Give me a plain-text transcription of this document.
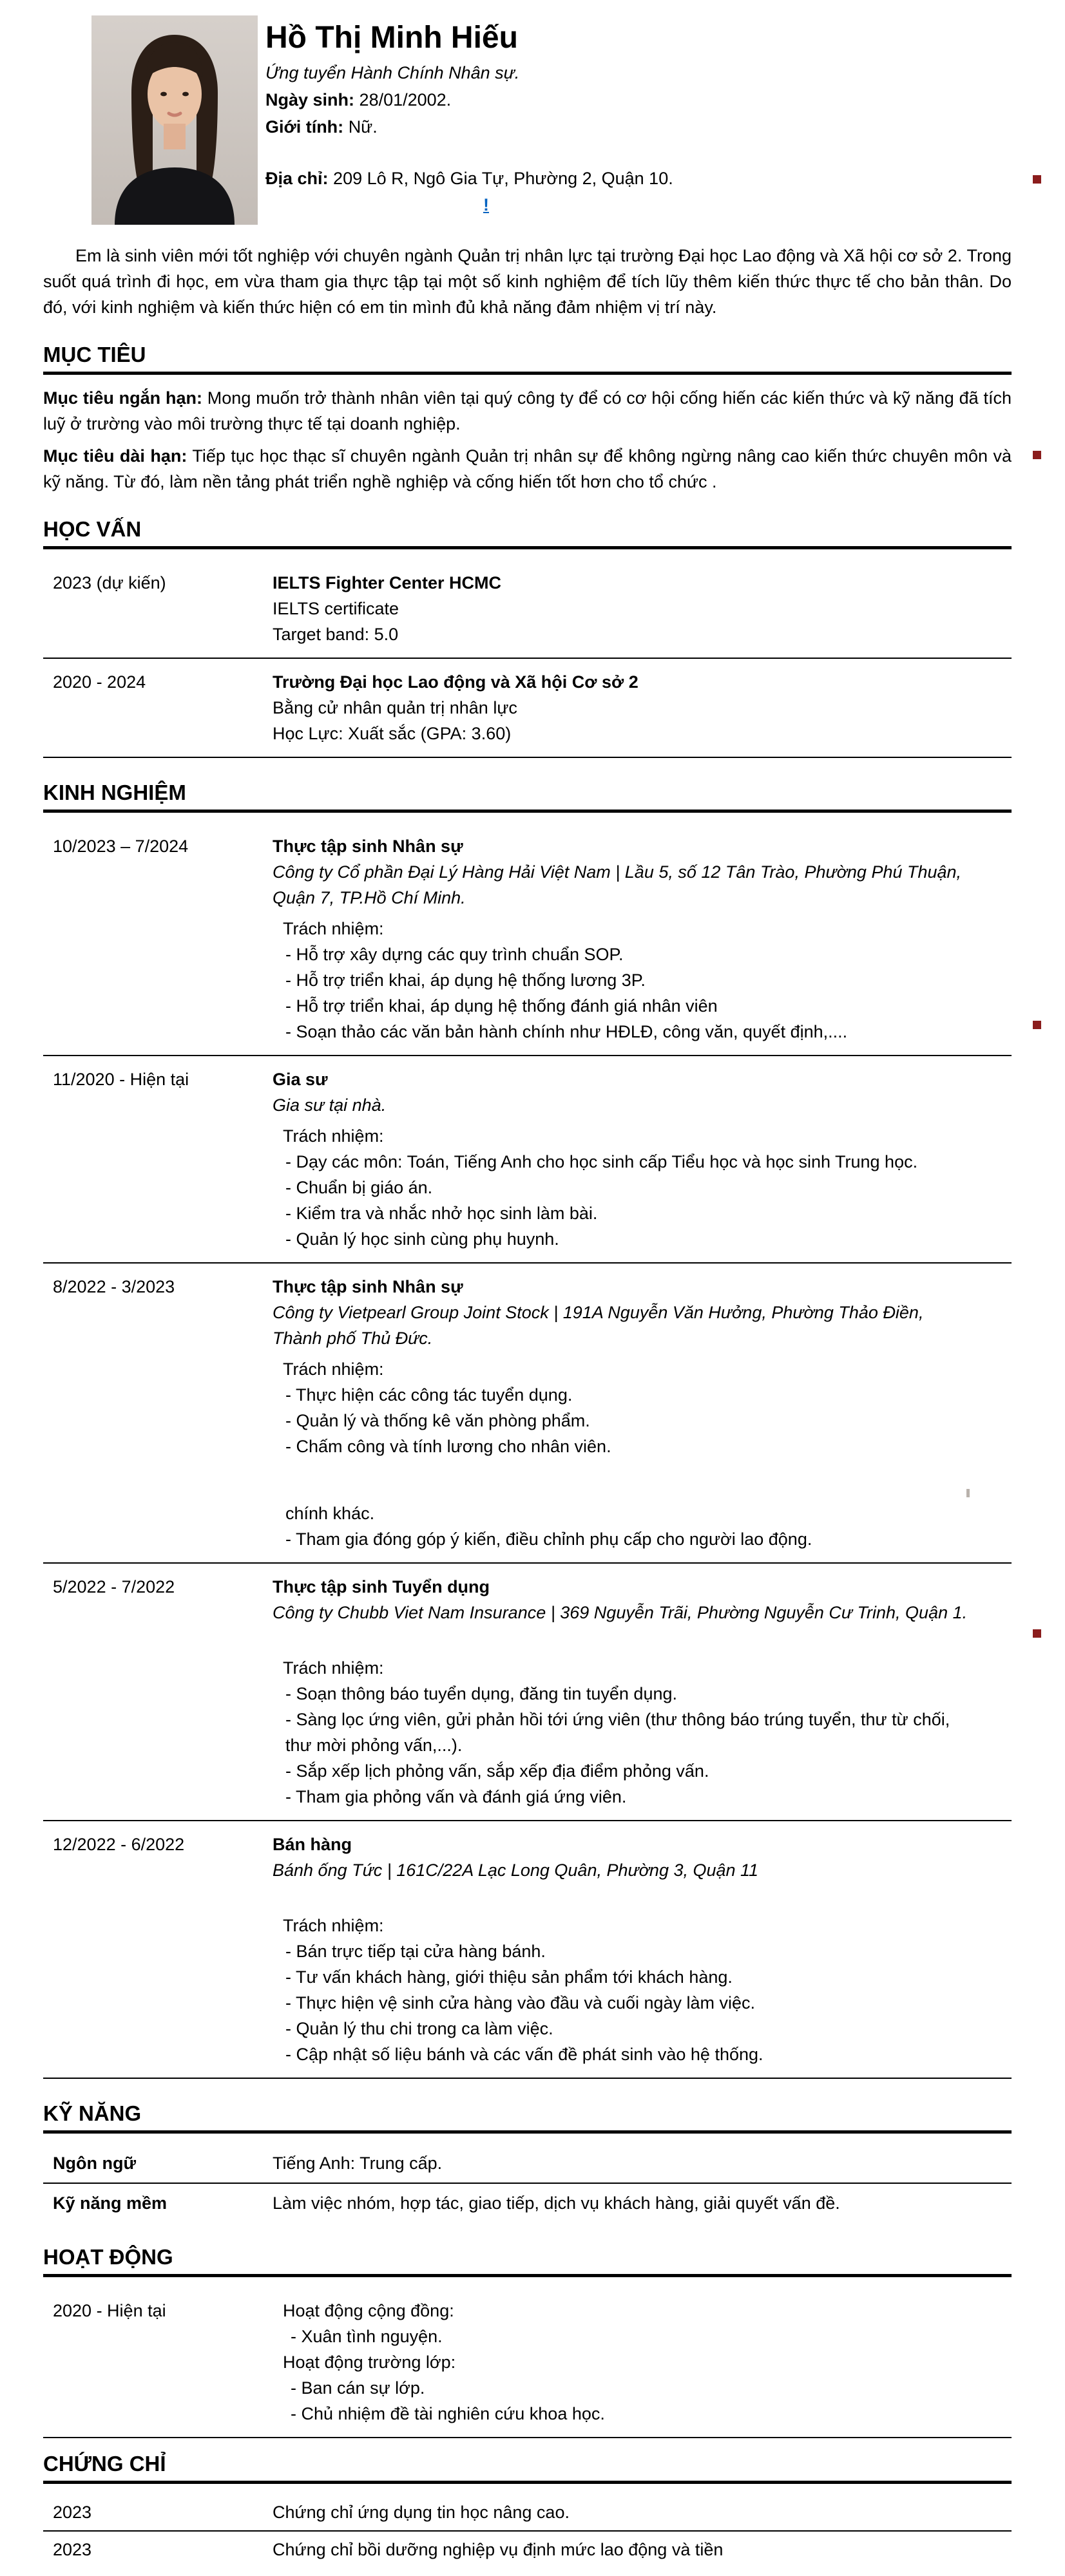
Hồ Thị Minh Hiếu
Ứng tuyển Hành Chính Nhân sự.
Ngày sinh: 28/01/2002.
Giới tính: Nữ.
Địa chỉ: 209 Lô R, Ngô Gia Tự, Phường 2, Quận 10.
!

Em là sinh viên mới tốt nghiệp với chuyên ngành Quản trị nhân lực tại trường Đại học Lao động và Xã hội cơ sở 2. Trong suốt quá trình đi học, em vừa tham gia thực tập tại một số kinh nghiệm để tích lũy thêm kiến thức thực tế cho bản thân. Do đó, với kinh nghiệm và kiến thức hiện có em tin mình đủ khả năng đảm nhiệm vị trí này.

MỤC TIÊU

Mục tiêu ngắn hạn: Mong muốn trở thành nhân viên tại quý công ty để có cơ hội cống hiến các kiến thức và kỹ năng đã tích luỹ ở trường vào môi trường thực tế tại doanh nghiệp.

Mục tiêu dài hạn: Tiếp tục học thạc sĩ chuyên ngành Quản trị nhân sự để không ngừng nâng cao kiến thức chuyên môn và kỹ năng. Từ đó, làm nền tảng phát triển nghề nghiệp và cống hiến tốt hơn cho tổ chức .

HỌC VẤN
2023 (dự kiến)	IELTS Fighter Center HCMC
IELTS certificate
Target band: 5.0
2020 - 2024	Trường Đại học Lao động và Xã hội Cơ sở 2
Bằng cử nhân quản trị nhân lực
Học Lực: Xuất sắc (GPA: 3.60)
KINH NGHIỆM
10/2023 – 7/2024	Thực tập sinh Nhân sự
Công ty Cổ phần Đại Lý Hàng Hải Việt Nam | Lầu 5, số 12 Tân Trào, Phường Phú Thuận, Quận 7, TP.Hồ Chí Minh.
Trách nhiệm:
- Hỗ trợ xây dựng các quy trình chuẩn SOP.
- Hỗ trợ triển khai, áp dụng hệ thống lương 3P.
- Hỗ trợ triển khai, áp dụng hệ thống đánh giá nhân viên
- Soạn thảo các văn bản hành chính như HĐLĐ, công văn, quyết định,....
11/2020 - Hiện tại	Gia sư
Gia sư tại nhà.
Trách nhiệm:
- Dạy các môn: Toán, Tiếng Anh cho học sinh cấp Tiểu học và học sinh Trung học.
- Chuẩn bị giáo án.
- Kiểm tra và nhắc nhở học sinh làm bài.
- Quản lý học sinh cùng phụ huynh.
8/2022 - 3/2023	Thực tập sinh Nhân sự
Công ty Vietpearl Group Joint Stock | 191A Nguyễn Văn Hưởng, Phường Thảo Điền, Thành phố Thủ Đức.
Trách nhiệm:
- Thực hiện các công tác tuyển dụng.
- Quản lý và thống kê văn phòng phẩm.
- Chấm công và tính lương cho nhân viên.
chính khác.
- Tham gia đóng góp ý kiến, điều chỉnh phụ cấp cho người lao động.
5/2022 - 7/2022	Thực tập sinh Tuyển dụng
Công ty Chubb Viet Nam Insurance | 369 Nguyễn Trãi, Phường Nguyễn Cư Trinh, Quận 1.
Trách nhiệm:
- Soạn thông báo tuyển dụng, đăng tin tuyển dụng.
- Sàng lọc ứng viên, gửi phản hồi tới ứng viên (thư thông báo trúng tuyển, thư từ chối, thư mời phỏng vấn,...).
- Sắp xếp lịch phỏng vấn, sắp xếp địa điểm phỏng vấn.
- Tham gia phỏng vấn và đánh giá ứng viên.
12/2022 - 6/2022	Bán hàng
Bánh ống Tức | 161C/22A Lạc Long Quân, Phường 3, Quận 11
Trách nhiệm:
- Bán trực tiếp tại cửa hàng bánh.
- Tư vấn khách hàng, giới thiệu sản phẩm tới khách hàng.
- Thực hiện vệ sinh cửa hàng vào đầu và cuối ngày làm việc.
- Quản lý thu chi trong ca làm việc.
- Cập nhật số liệu bánh và các vấn đề phát sinh vào hệ thống.
KỸ NĂNG
Ngôn ngữ	Tiếng Anh: Trung cấp.
Kỹ năng mềm	Làm việc nhóm, hợp tác, giao tiếp, dịch vụ khách hàng, giải quyết vấn đề.
HOẠT ĐỘNG
2020 - Hiện tại	Hoạt động cộng đồng:
- Xuân tình nguyện.
Hoạt động trường lớp:
- Ban cán sự lớp.
- Chủ nhiệm đề tài nghiên cứu khoa học.
CHỨNG CHỈ
2023	Chứng chỉ ứng dụng tin học nâng cao.
2023	Chứng chỉ bồi dưỡng nghiệp vụ định mức lao động và tiền
